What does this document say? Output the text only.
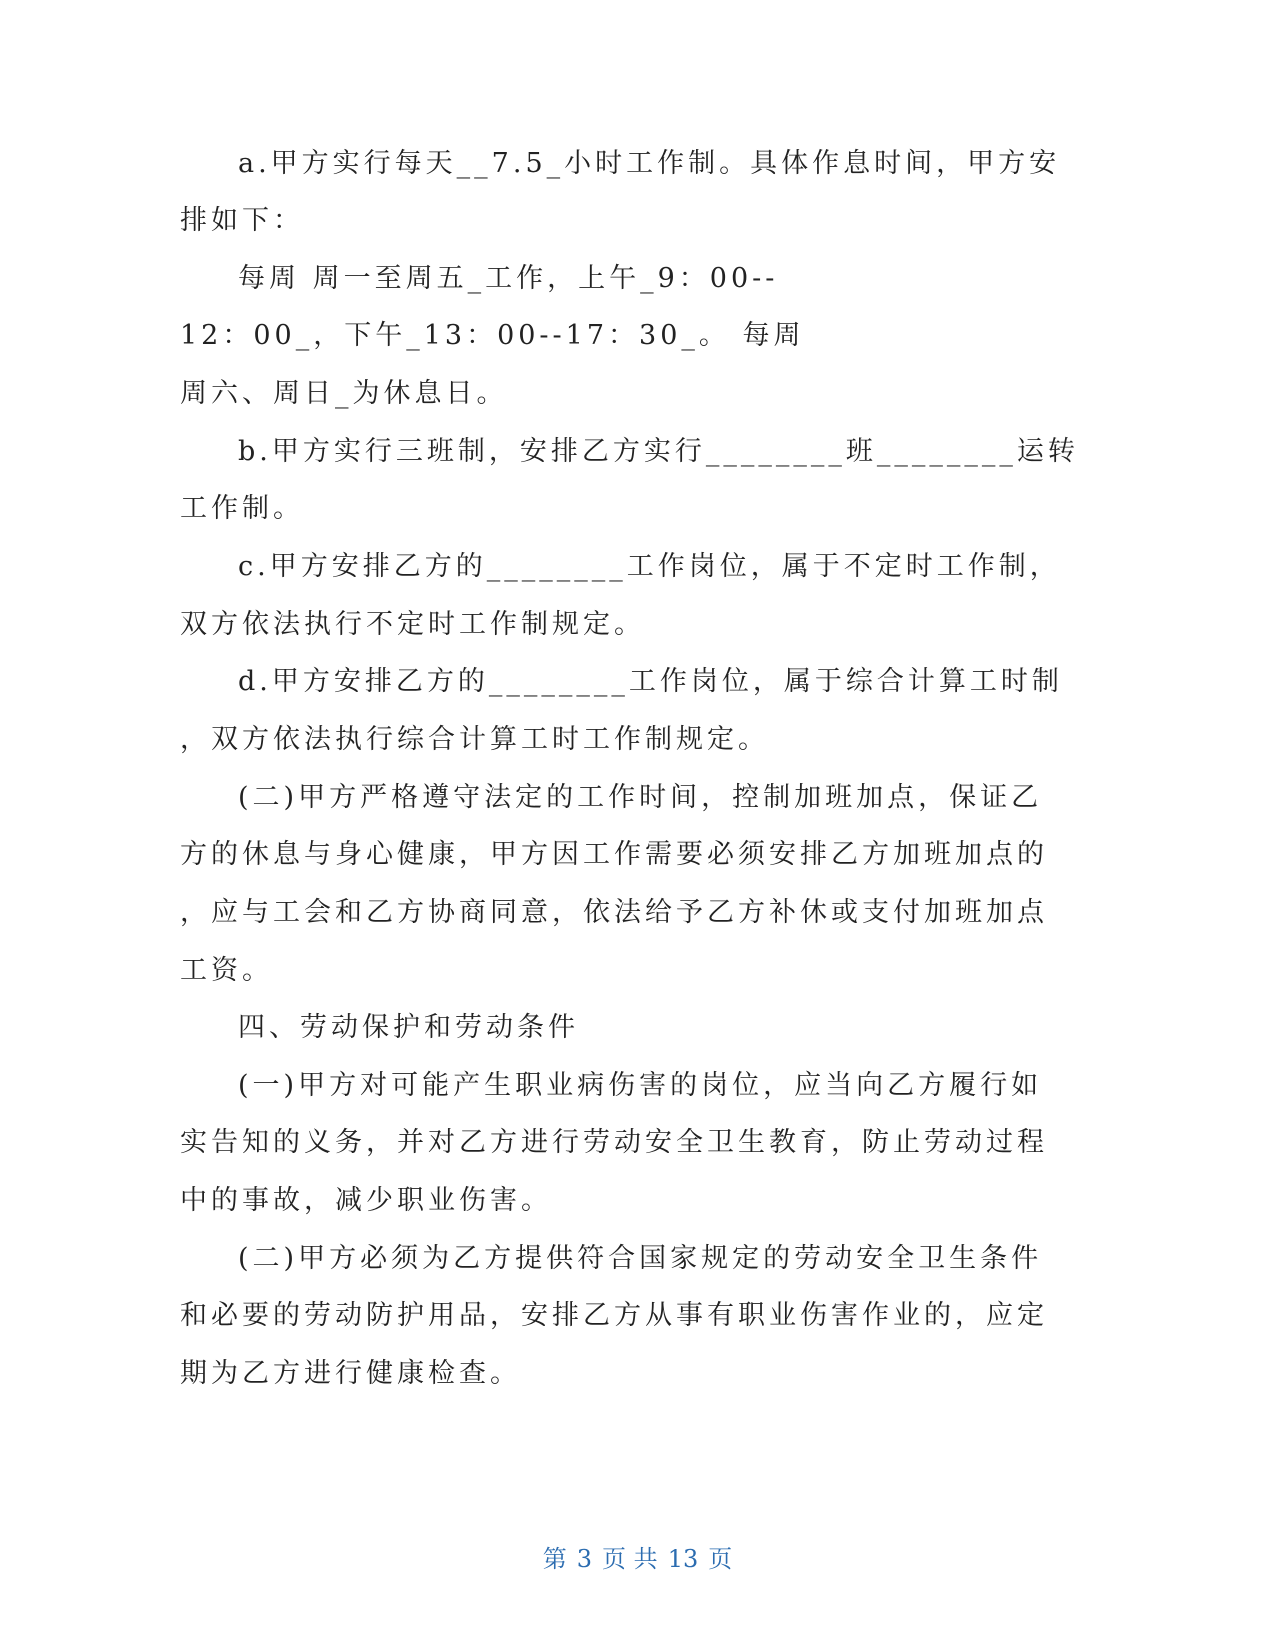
a.甲方实行每天__7.5_小时工作制。具体作息时间，甲方安
排如下：
每周 周一至周五_工作，上午_9：00--
12：00_，下午_13：00--17：30_。 每周
周六、周日_为休息日。
b.甲方实行三班制，安排乙方实行________班________运转
工作制。
c.甲方安排乙方的________工作岗位，属于不定时工作制，
双方依法执行不定时工作制规定。
d.甲方安排乙方的________工作岗位，属于综合计算工时制
，双方依法执行综合计算工时工作制规定。
(二)甲方严格遵守法定的工作时间，控制加班加点，保证乙
方的休息与身心健康，甲方因工作需要必须安排乙方加班加点的
，应与工会和乙方协商同意，依法给予乙方补休或支付加班加点
工资。
四、劳动保护和劳动条件
(一)甲方对可能产生职业病伤害的岗位，应当向乙方履行如
实告知的义务，并对乙方进行劳动安全卫生教育，防止劳动过程
中的事故，减少职业伤害。
(二)甲方必须为乙方提供符合国家规定的劳动安全卫生条件
和必要的劳动防护用品，安排乙方从事有职业伤害作业的，应定
期为乙方进行健康检查。
第 3 页 共 13 页
